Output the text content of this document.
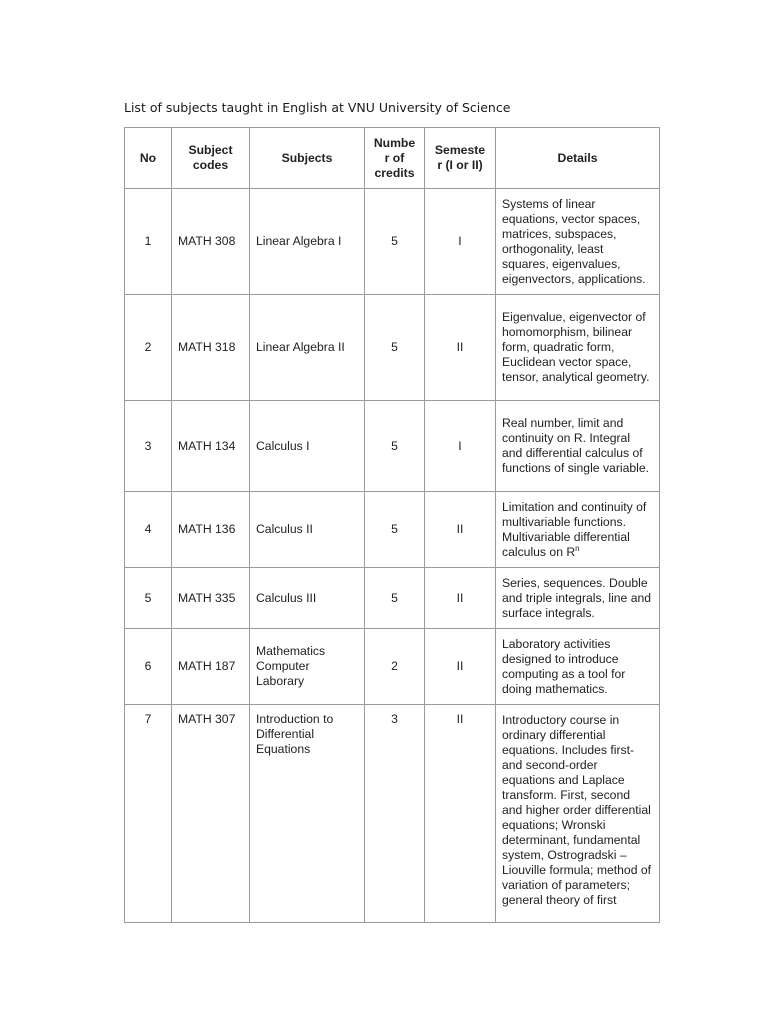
List of subjects taught in English at VNU University of Science
No	Subject codes	Subjects	Numbe r of credits	Semeste r (I or II)	Details
1	MATH 308	Linear Algebra I	5	I	Systems of linear equations, vector spaces, matrices, subspaces, orthogonality, least squares, eigenvalues, eigenvectors, applications.
2	MATH 318	Linear Algebra II	5	II	Eigenvalue, eigenvector of homomorphism, bilinear form, quadratic form, Euclidean vector space, tensor, analytical geometry.
3	MATH 134	Calculus I	5	I	Real number, limit and continuity on R. Integral and differential calculus of functions of single variable.
4	MATH 136	Calculus II	5	II	Limitation and continuity of multivariable functions. Multivariable differential calculus on $R^n$
5	MATH 335	Calculus III	5	II	Series, sequences. Double and triple integrals, line and surface integrals.
6	MATH 187	Mathematics Computer Laborary	2	II	Laboratory activities designed to introduce computing as a tool for doing mathematics.
7	MATH 307	Introduction to Differential Equations	3	II	Introductory course in ordinary differential equations. Includes first- and second-order equations and Laplace transform. First, second and higher order differential equations; Wronski determinant, fundamental system, Ostrogradski – Liouville formula; method of variation of parameters; general theory of first
